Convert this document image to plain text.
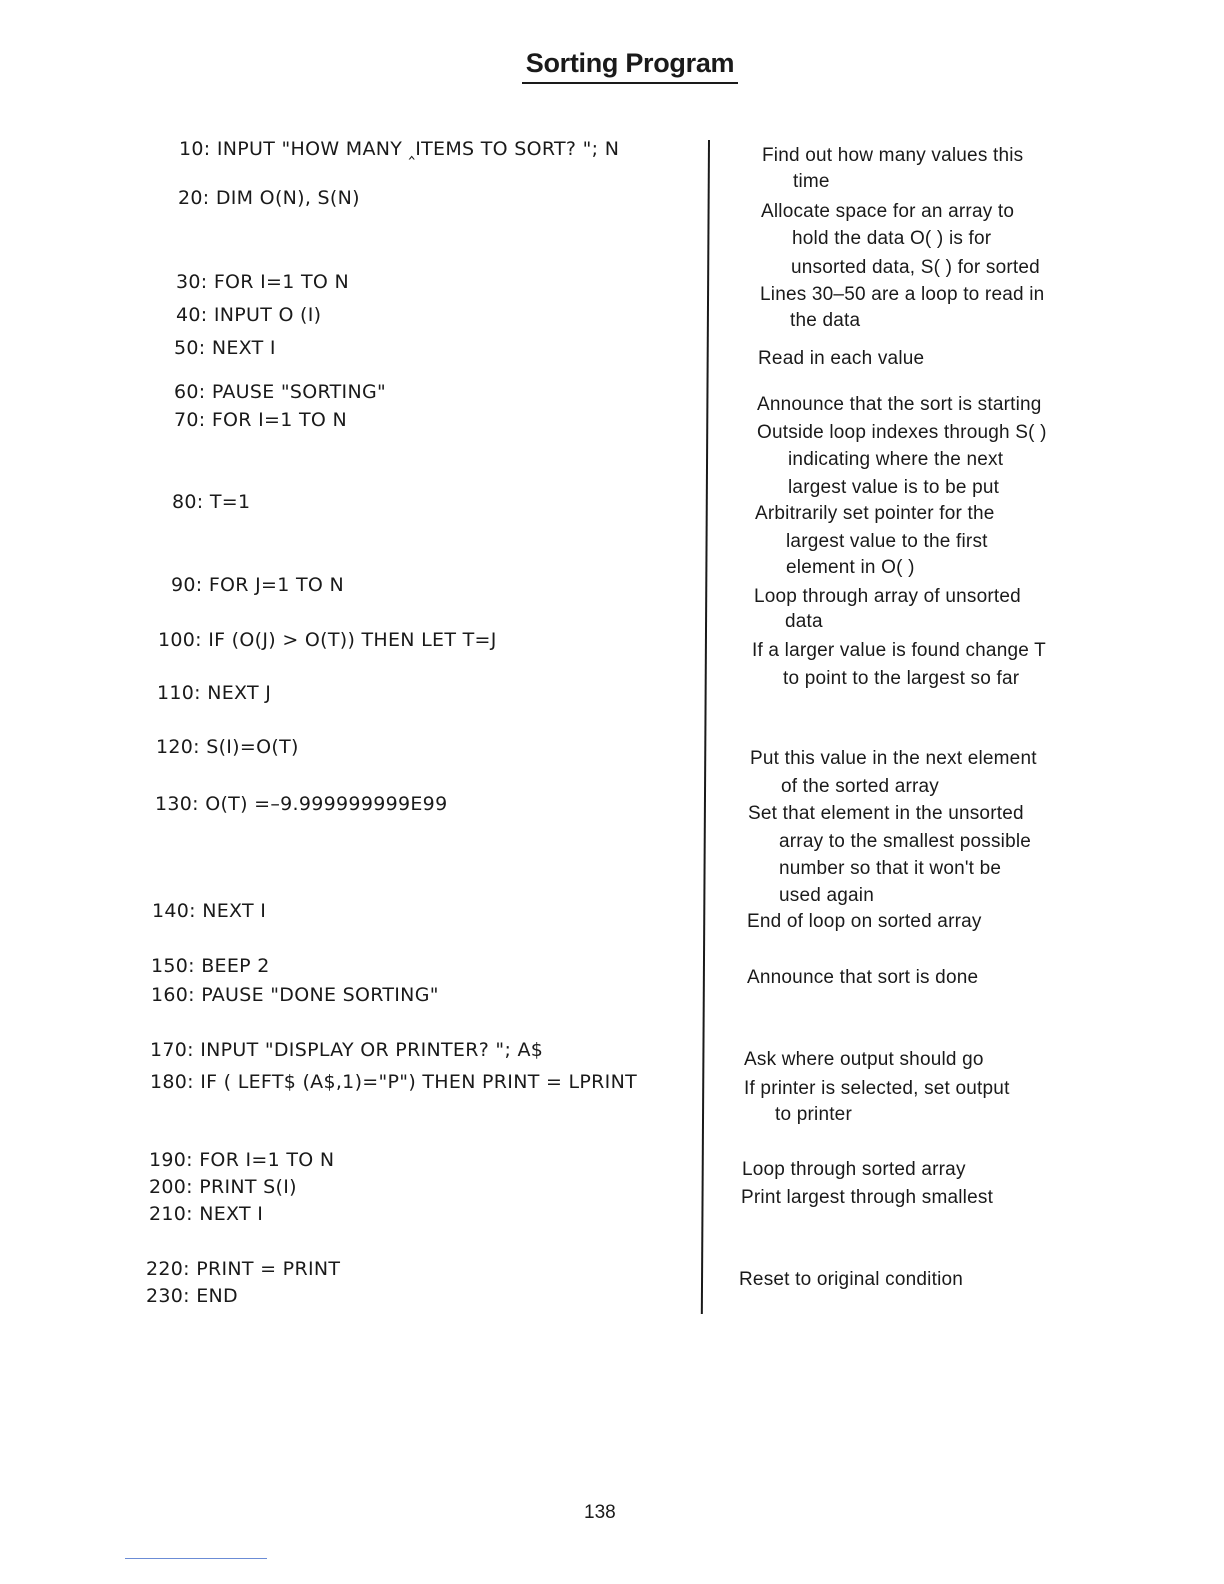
Sorting Program
10: INPUT "HOW MANY ‸ITEMS TO SORT? "; N
20: DIM O(N), S(N)
30: FOR I=1 TO N
40: INPUT O (I)
50: NEXT I
60: PAUSE "SORTING"
70: FOR I=1 TO N
80: T=1
90: FOR J=1 TO N
100: IF (O(J) > O(T)) THEN LET T=J
110: NEXT J
120: S(I)=O(T)
130: O(T) =–9.999999999E99
140: NEXT I
150: BEEP 2
160: PAUSE "DONE SORTING"
170: INPUT "DISPLAY OR PRINTER? "; A$
180: IF ( LEFT$ (A$,1)="P") THEN PRINT = LPRINT
190: FOR I=1 TO N
200: PRINT S(I)
210: NEXT I
220: PRINT = PRINT
230: END
Find out how many values this
time
Allocate space for an array to
hold the data O( ) is for
unsorted data, S( ) for sorted
Lines 30–50 are a loop to read in
the data
Read in each value
Announce that the sort is starting
Outside loop indexes through S( )
indicating where the next
largest value is to be put
Arbitrarily set pointer for the
largest value to the first
element in O( )
Loop through array of unsorted
data
If a larger value is found change T
to point to the largest so far
Put this value in the next element
of the sorted array
Set that element in the unsorted
array to the smallest possible
number so that it won't be
used again
End of loop on sorted array
Announce that sort is done
Ask where output should go
If printer is selected, set output
to printer
Loop through sorted array
Print largest through smallest
Reset to original condition
138
